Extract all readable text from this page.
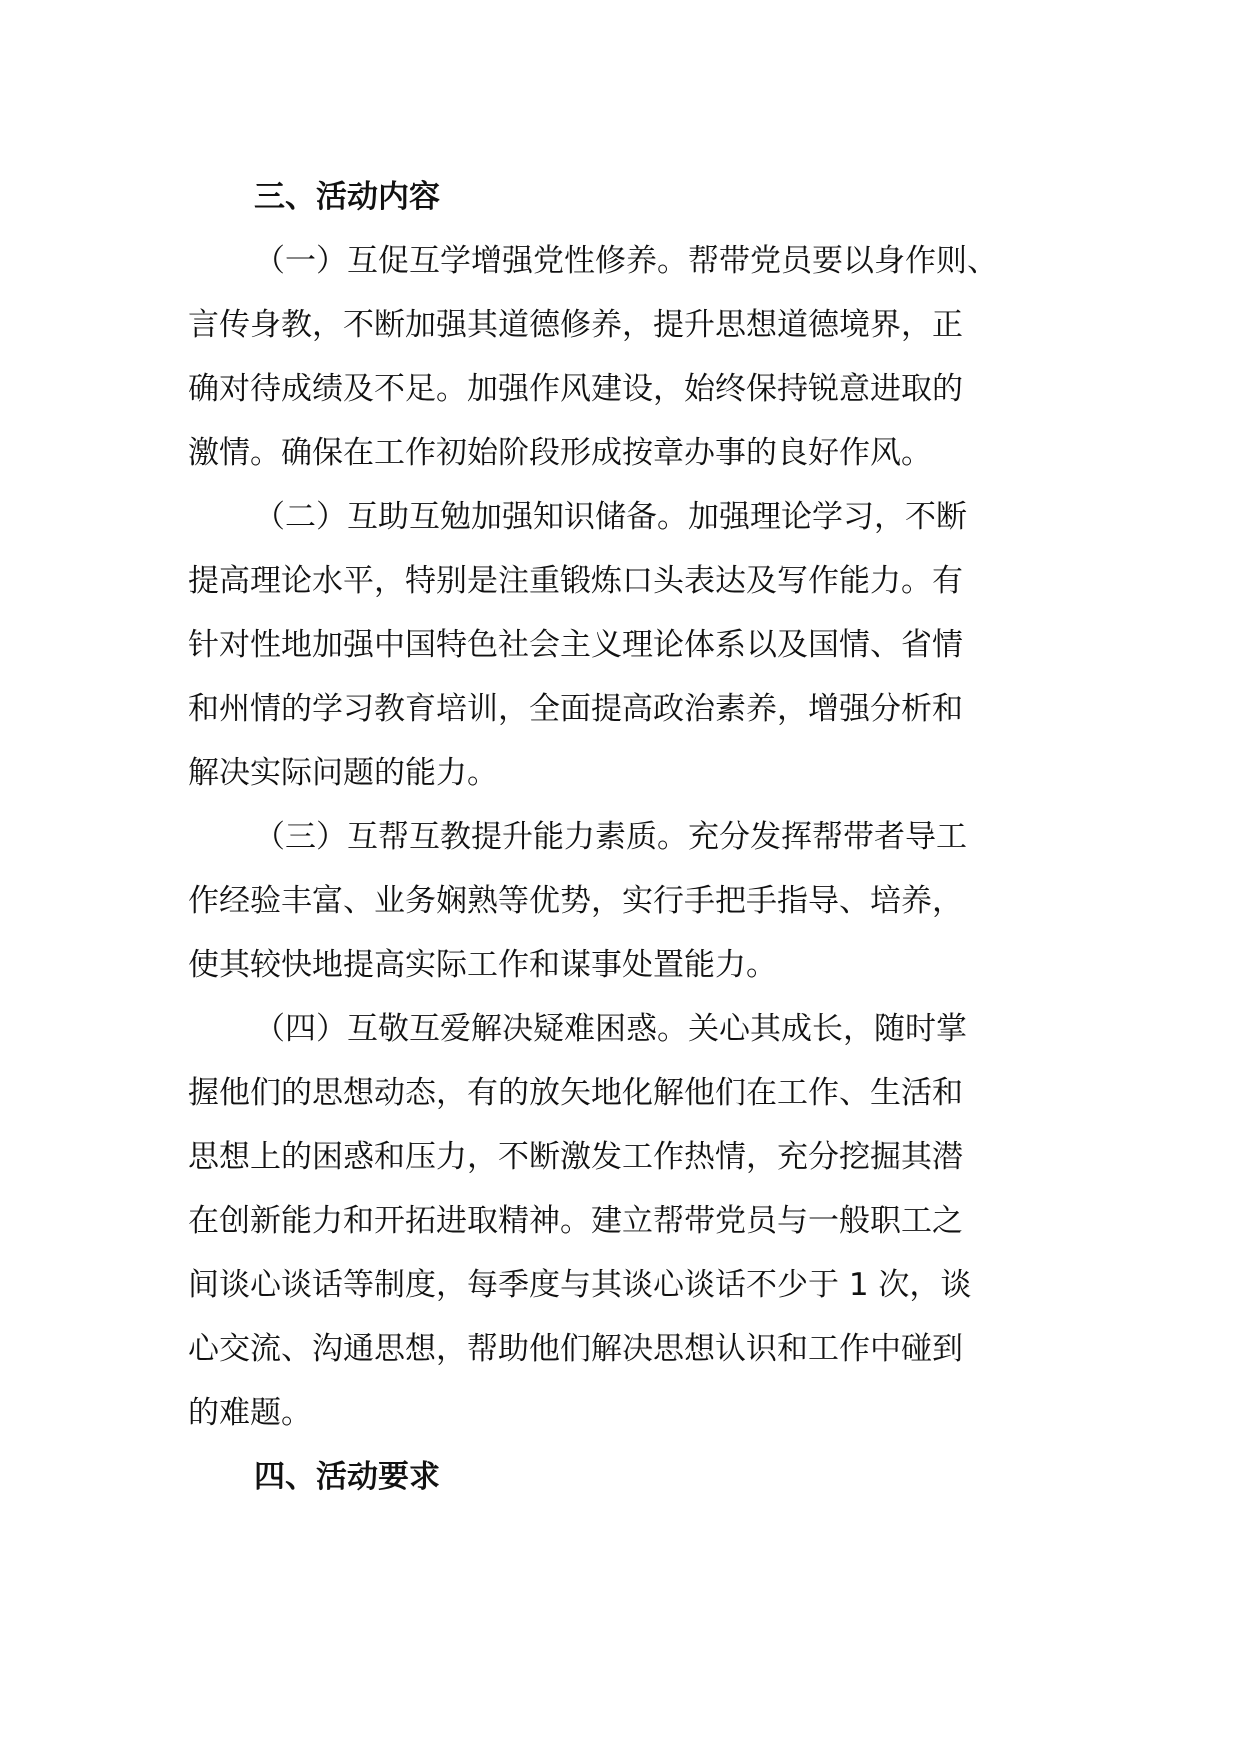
三、活动内容
（一）互促互学增强党性修养。帮带党员要以身作则、
言传身教，不断加强其道德修养，提升思想道德境界，正
确对待成绩及不足。加强作风建设，始终保持锐意进取的
激情。确保在工作初始阶段形成按章办事的良好作风。
（二）互助互勉加强知识储备。加强理论学习，不断
提高理论水平，特别是注重锻炼口头表达及写作能力。有
针对性地加强中国特色社会主义理论体系以及国情、省情
和州情的学习教育培训，全面提高政治素养，增强分析和
解决实际问题的能力。
（三）互帮互教提升能力素质。充分发挥帮带者导工
作经验丰富、业务娴熟等优势，实行手把手指导、培养，
使其较快地提高实际工作和谋事处置能力。
（四）互敬互爱解决疑难困惑。关心其成长，随时掌
握他们的思想动态，有的放矢地化解他们在工作、生活和
思想上的困惑和压力，不断激发工作热情，充分挖掘其潜
在创新能力和开拓进取精神。建立帮带党员与一般职工之
间谈心谈话等制度，每季度与其谈心谈话不少于 1 次，谈
心交流、沟通思想，帮助他们解决思想认识和工作中碰到
的难题。
四、活动要求
